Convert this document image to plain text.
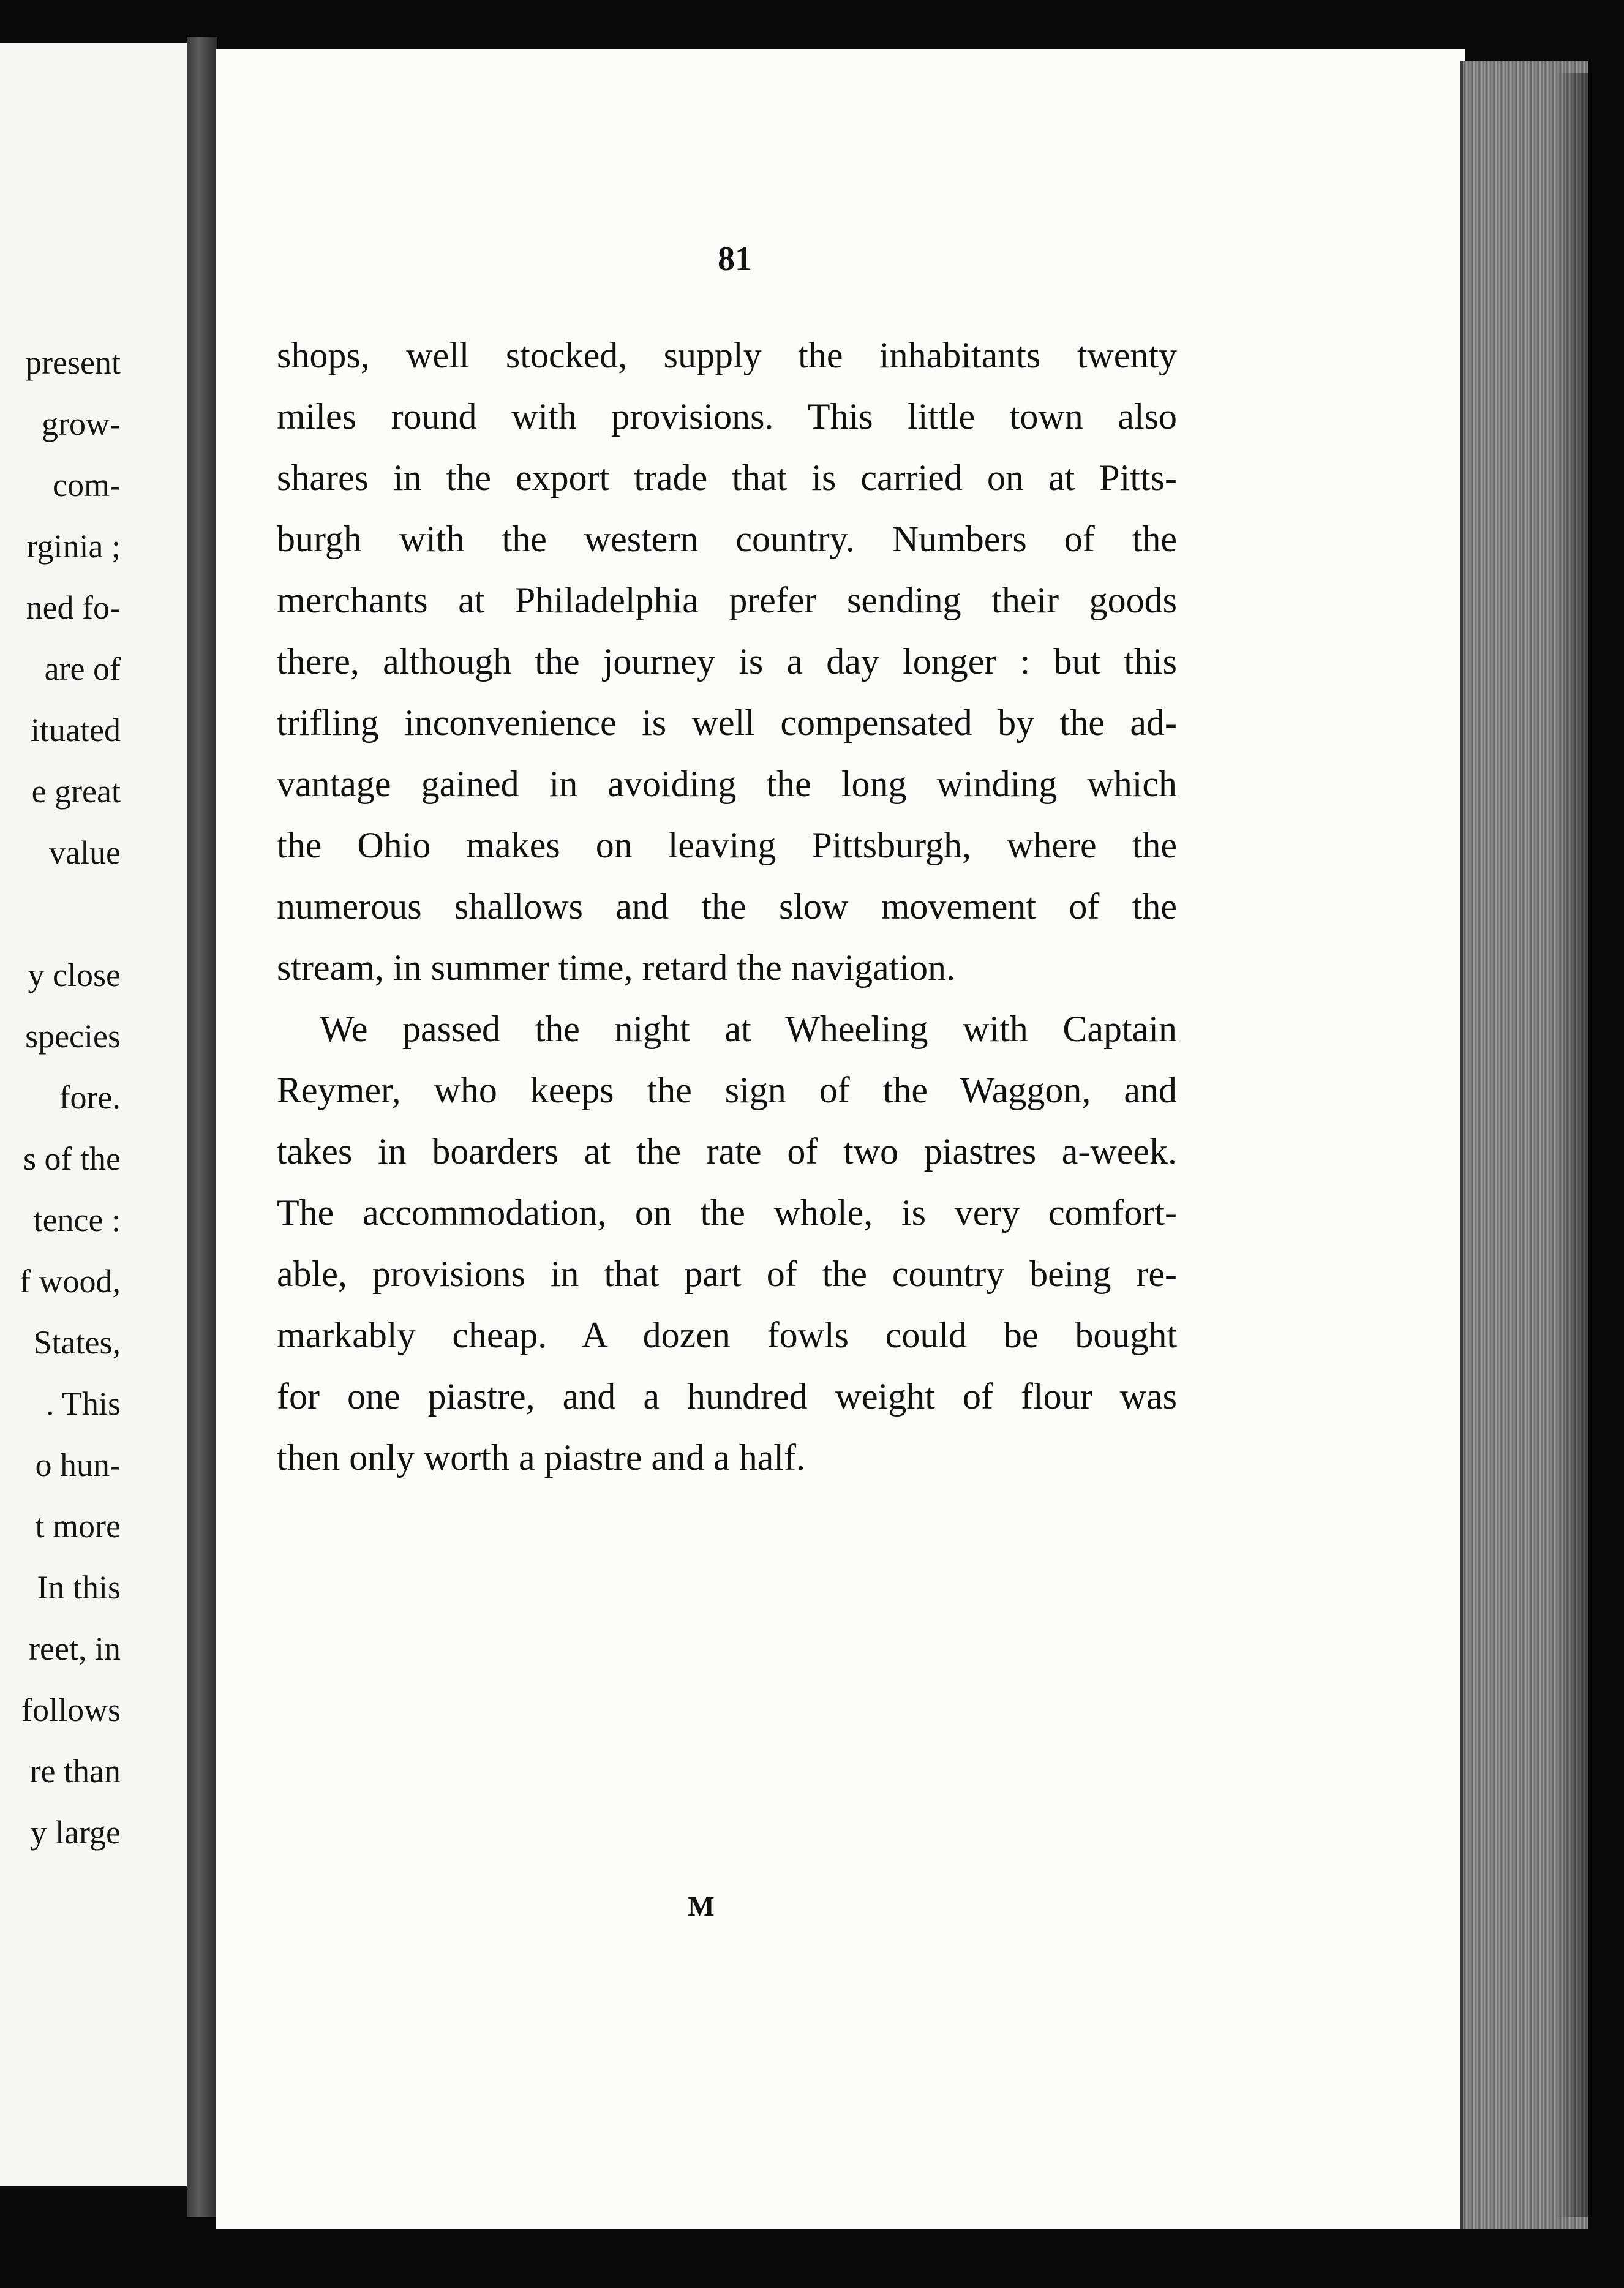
present
grow-
com-
rginia ;
ned fo-
are of
ituated
e great
value
y close
species
fore.
s of the
tence :
f wood,
States,
. This
o hun-
t more
In this
reet, in
follows
re than
y large
81
shops, well stocked, supply the inhabitants twenty
miles round with provisions. This little town also
shares in the export trade that is carried on at Pitts-
burgh with the western country. Numbers of the
merchants at Philadelphia prefer sending their goods
there, although the journey is a day longer : but this
trifling inconvenience is well compensated by the ad-
vantage gained in avoiding the long winding which
the Ohio makes on leaving Pittsburgh, where the
numerous shallows and the slow movement of the
stream, in summer time, retard the navigation.
We passed the night at Wheeling with Captain
Reymer, who keeps the sign of the Waggon, and
takes in boarders at the rate of two piastres a-week.
The accommodation, on the whole, is very comfort-
able, provisions in that part of the country being re-
markably cheap. A dozen fowls could be bought
for one piastre, and a hundred weight of flour was
then only worth a piastre and a half.
M
